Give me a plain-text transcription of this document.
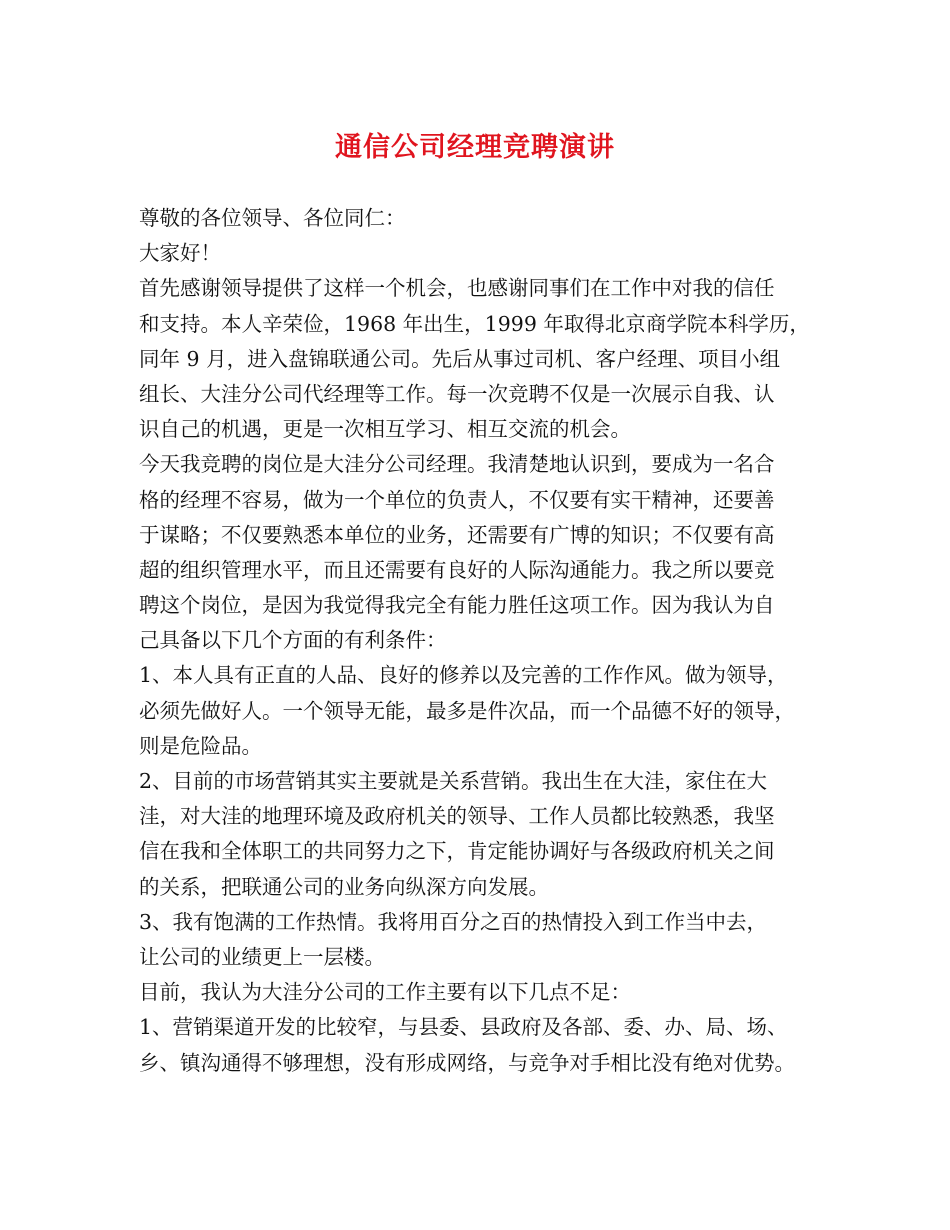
通信公司经理竞聘演讲
尊敬的各位领导、各位同仁：
大家好！
首先感谢领导提供了这样一个机会，也感谢同事们在工作中对我的信任
和支持。本人辛荣俭，1968 年出生，1999 年取得北京商学院本科学历，
同年 9 月，进入盘锦联通公司。先后从事过司机、客户经理、项目小组
组长、大洼分公司代经理等工作。每一次竞聘不仅是一次展示自我、认
识自己的机遇，更是一次相互学习、相互交流的机会。
今天我竞聘的岗位是大洼分公司经理。我清楚地认识到，要成为一名合
格的经理不容易，做为一个单位的负责人，不仅要有实干精神，还要善
于谋略；不仅要熟悉本单位的业务，还需要有广博的知识；不仅要有高
超的组织管理水平，而且还需要有良好的人际沟通能力。我之所以要竞
聘这个岗位，是因为我觉得我完全有能力胜任这项工作。因为我认为自
己具备以下几个方面的有利条件：
1、本人具有正直的人品、良好的修养以及完善的工作作风。做为领导，
必须先做好人。一个领导无能，最多是件次品，而一个品德不好的领导，
则是危险品。
2、目前的市场营销其实主要就是关系营销。我出生在大洼，家住在大
洼，对大洼的地理环境及政府机关的领导、工作人员都比较熟悉，我坚
信在我和全体职工的共同努力之下，肯定能协调好与各级政府机关之间
的关系，把联通公司的业务向纵深方向发展。
3、我有饱满的工作热情。我将用百分之百的热情投入到工作当中去，
让公司的业绩更上一层楼。
目前，我认为大洼分公司的工作主要有以下几点不足：
1、营销渠道开发的比较窄，与县委、县政府及各部、委、办、局、场、
乡、镇沟通得不够理想，没有形成网络，与竞争对手相比没有绝对优势。
